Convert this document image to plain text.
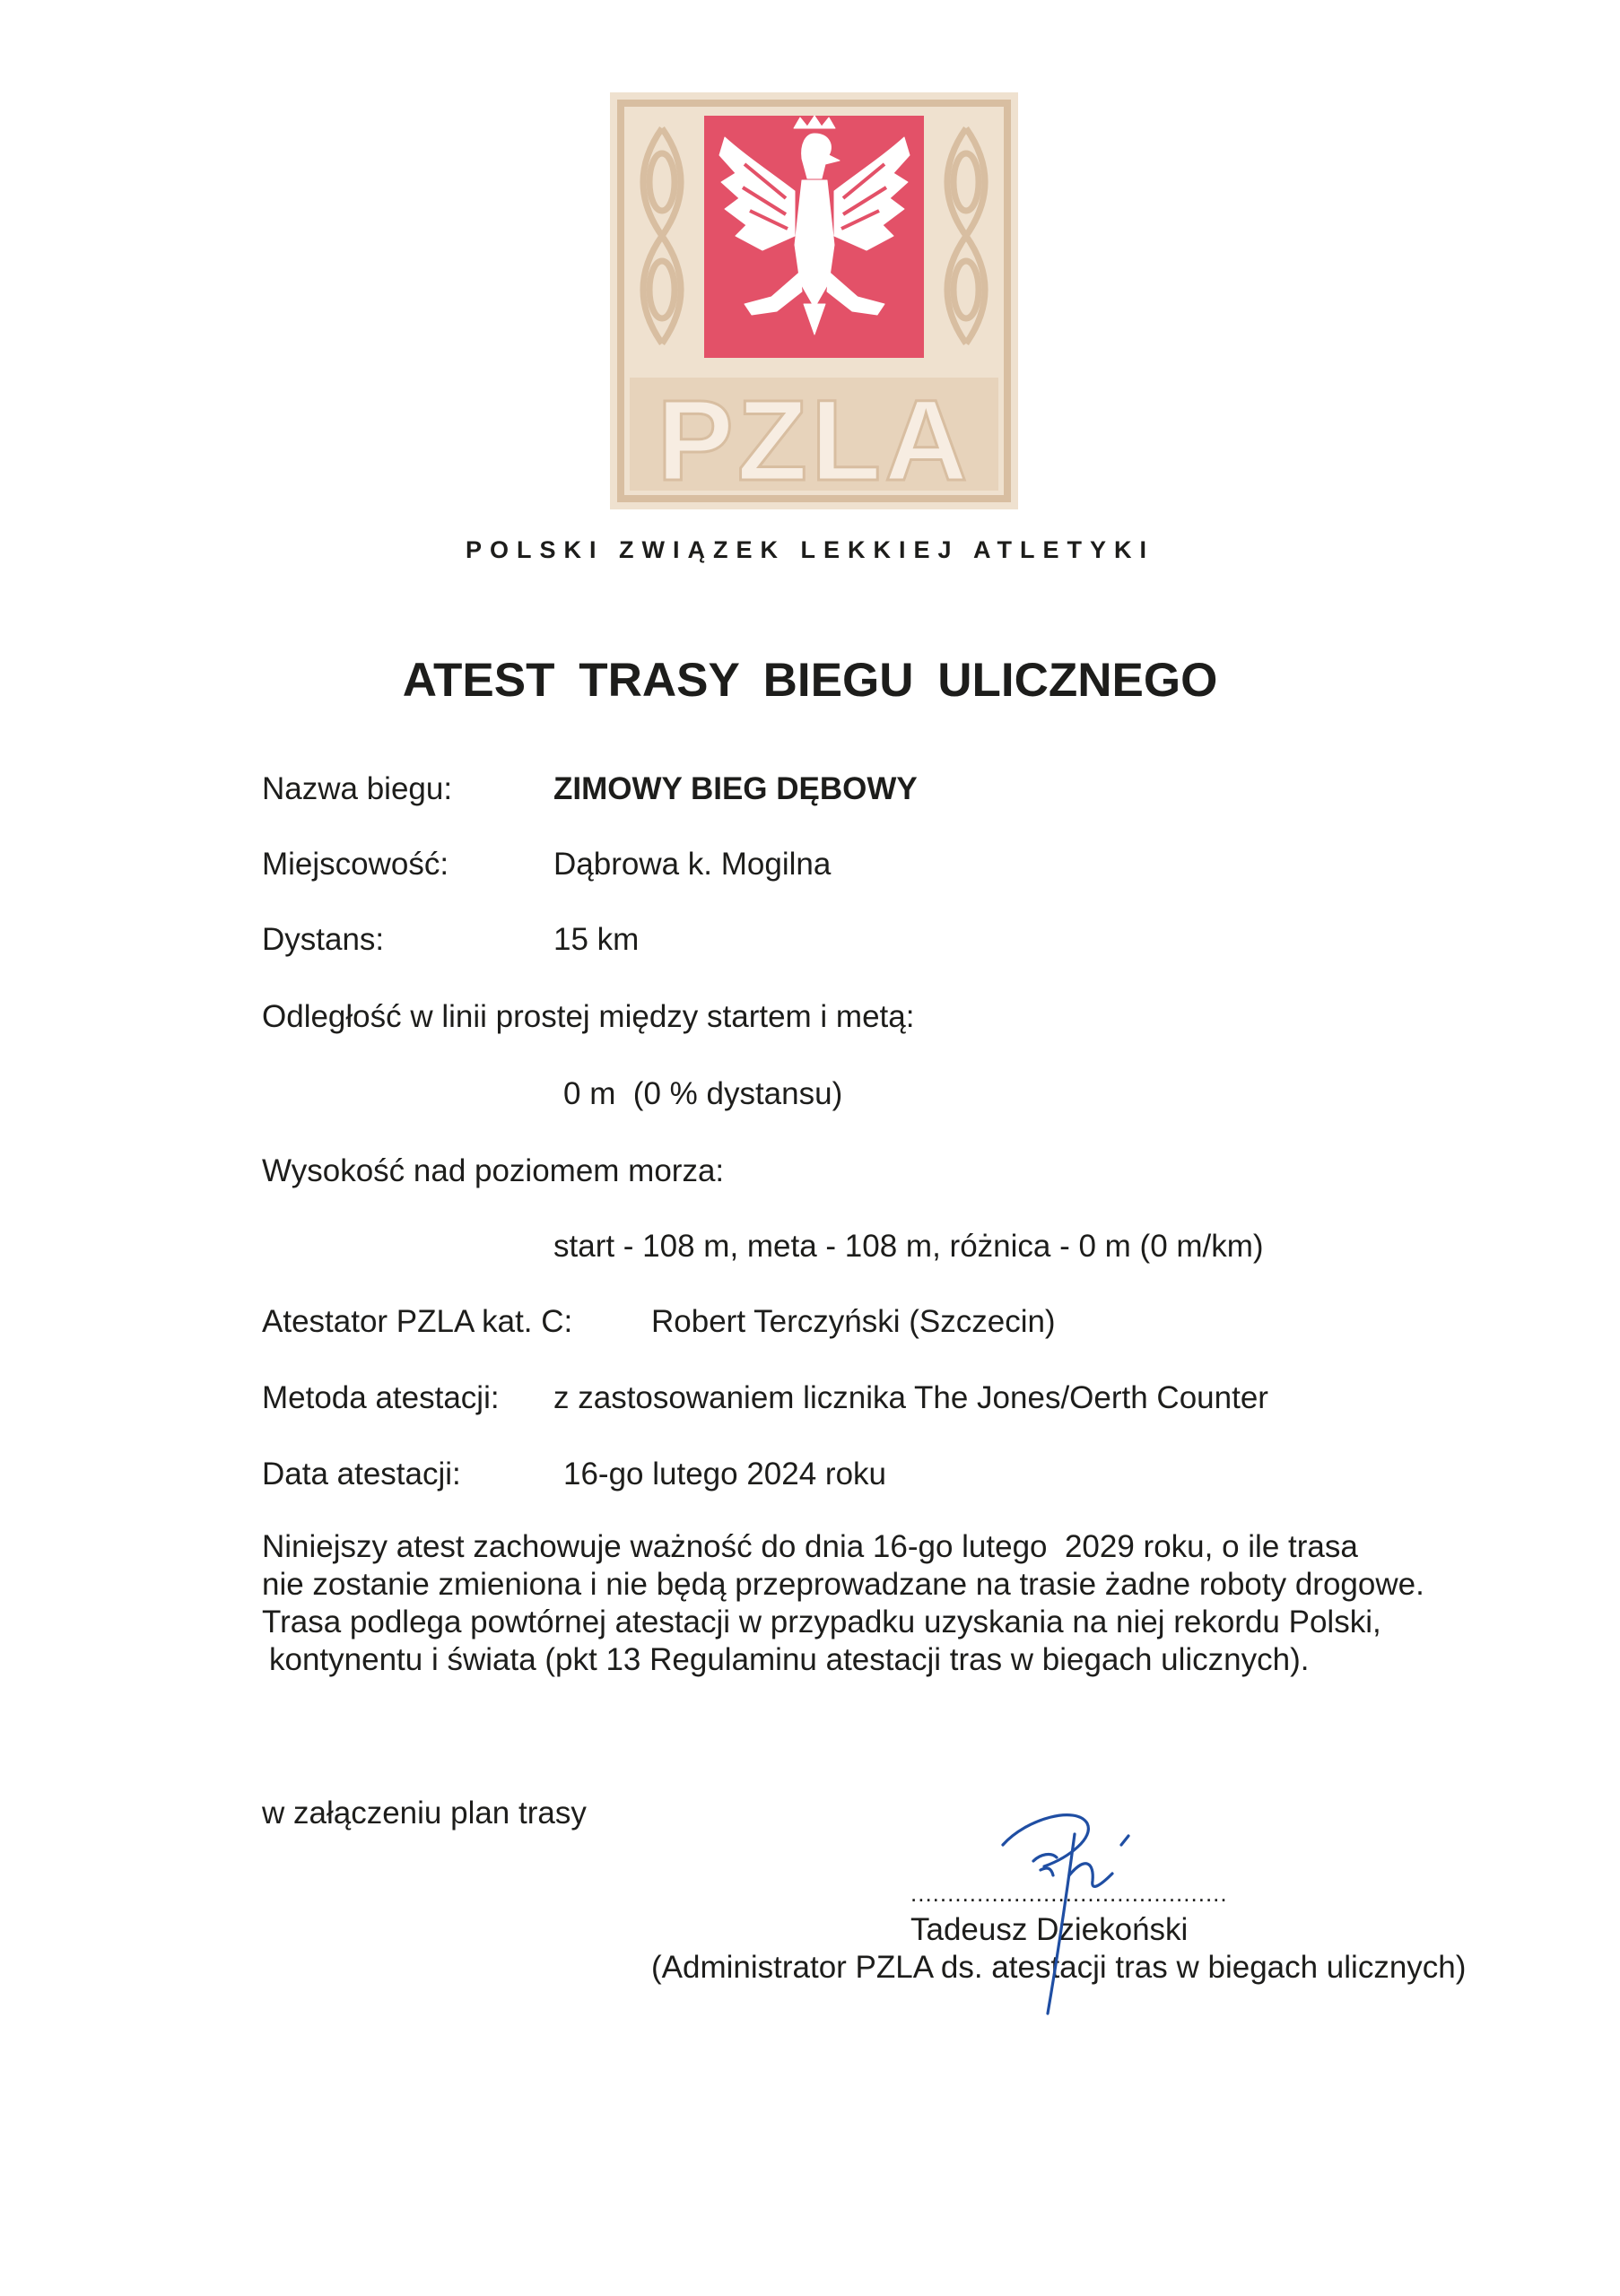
PZLA
POLSKI ZWIĄZEK LEKKIEJ ATLETYKI
ATEST TRASY BIEGU ULICZNEGO
Nazwa biegu:	ZIMOWY BIEG DĘBOWY
Miejscowość:	Dąbrowa k. Mogilna
Dystans:	15 km
Odległość w linii prostej między startem i metą:
0 m  (0 % dystansu)
Wysokość nad poziomem morza:
start - 108 m, meta - 108 m, różnica - 0 m (0 m/km)
Atestator PZLA kat. C:	Robert Terczyński (Szczecin)
Metoda atestacji: z zastosowaniem licznika The Jones/Oerth Counter
Data atestacji:	16-go lutego 2024 roku
Niniejszy atest zachowuje ważność do dnia 16-go lutego  2029 roku, o ile trasa
nie zostanie zmieniona i nie będą przeprowadzane na trasie żadne roboty drogowe.
Trasa podlega powtórnej atestacji w przypadku uzyskania na niej rekordu Polski,
kontynentu i świata (pkt 13 Regulaminu atestacji tras w biegach ulicznych).
w załączeniu plan trasy
...........................................
Tadeusz Dziekoński
(Administrator PZLA ds. atestacji tras w biegach ulicznych)
